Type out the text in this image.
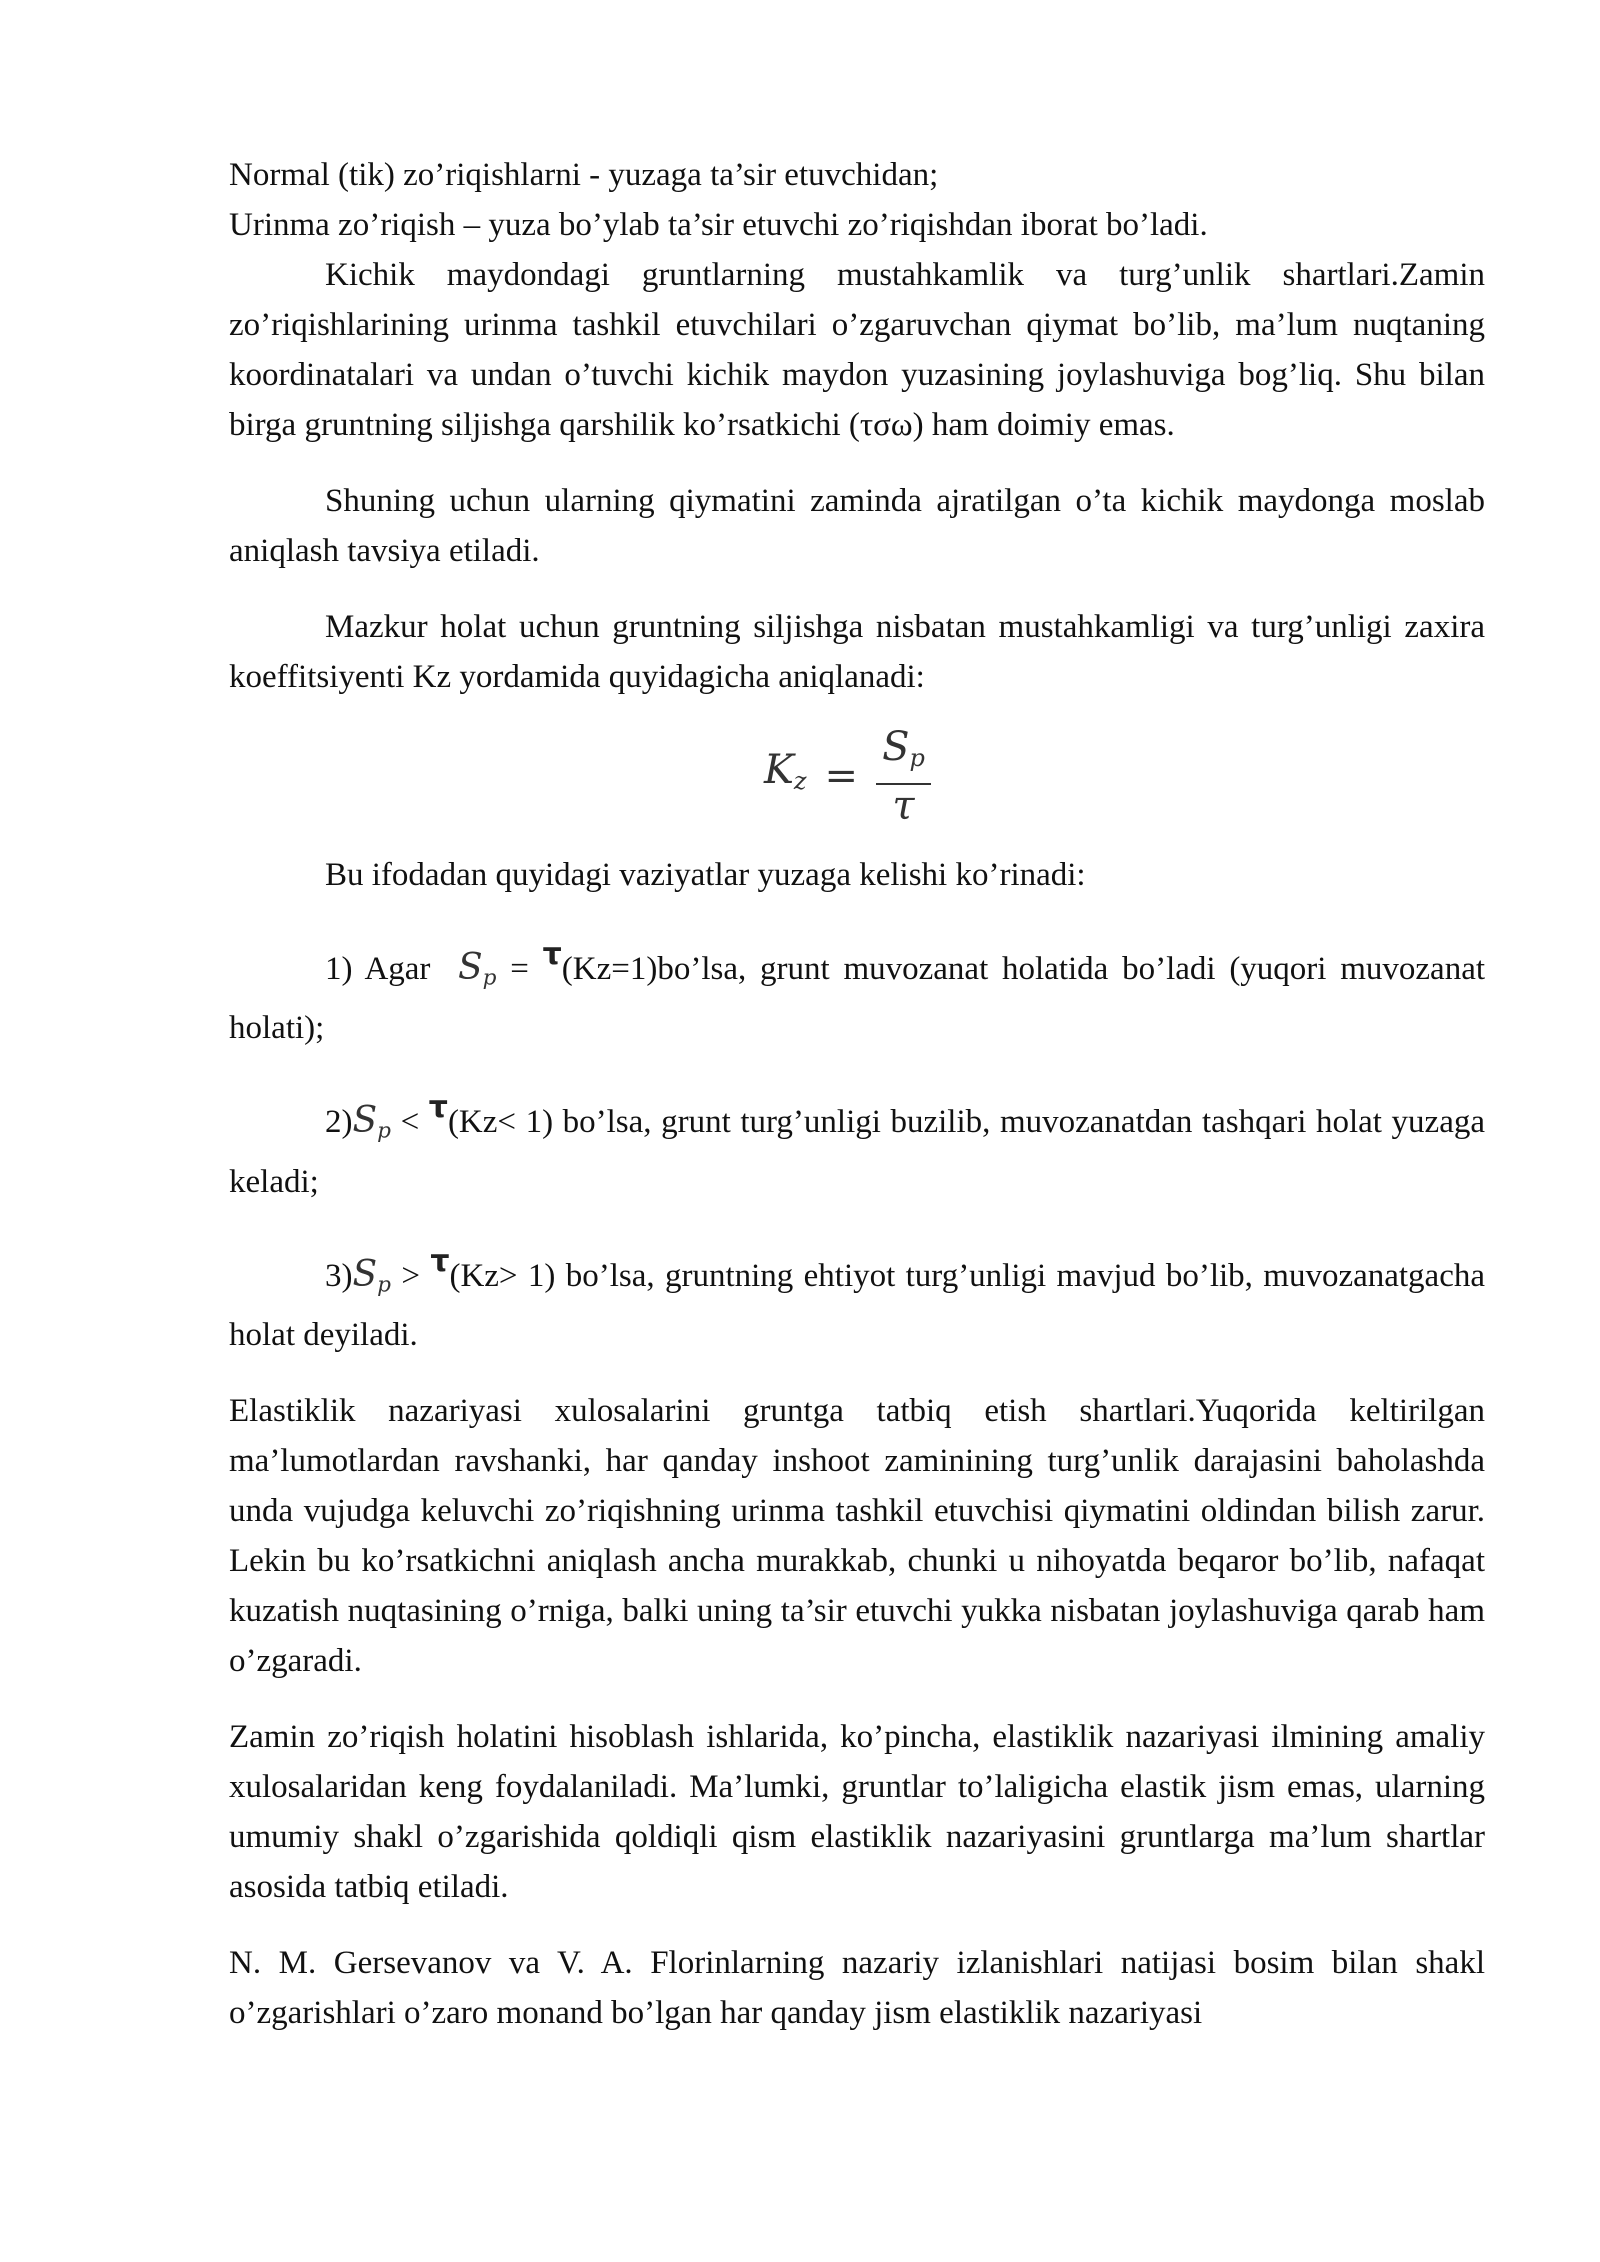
Normal (tik) zo’riqishlarni - yuzaga ta’sir etuvchidan;

Urinma zo’riqish – yuza bo’ylab ta’sir etuvchi zo’riqishdan iborat bo’ladi.

Kichik maydondagi gruntlarning mustahkamlik va turg’unlik shartlari.Zamin zo’riqishlarining urinma tashkil etuvchilari o’zgaruvchan qiymat bo’lib, ma’lum nuqtaning koordinatalari va undan o’tuvchi kichik maydon yuzasining joylashuviga bog’liq. Shu bilan birga gruntning siljishga qarshilik ko’rsatkichi (τσω) ham doimiy emas.

Shuning uchun ularning qiymatini zaminda ajratilgan o’ta kichik maydonga moslab aniqlash tavsiya etiladi.

Mazkur holat uchun gruntning siljishga nisbatan mustahkamligi va turg’unligi zaxira koeffitsiyenti Kz yordamida quyidagicha aniqlanadi:

$K_z = \frac{S_p}{\tau}$

Bu ifodadan quyidagi vaziyatlar yuzaga kelishi ko’rinadi:

1) Agar $S_p$ = τ(Kz=1)bo’lsa, grunt muvozanat holatida bo’ladi (yuqori muvozanat holati);

$2)S_p < \tau(Kz< 1)$ bo’lsa, grunt turg’unligi buzilib, muvozanatdan tashqari holat yuzaga keladi;

$3)S_p > \tau(Kz> 1)$ bo’lsa, gruntning ehtiyot turg’unligi mavjud bo’lib, muvozanatgacha holat deyiladi.

Elastiklik nazariyasi xulosalarini gruntga tatbiq etish shartlari.Yuqorida keltirilgan ma’lumotlardan ravshanki, har qanday inshoot zaminining turg’unlik darajasini baholashda unda vujudga keluvchi zo’riqishning urinma tashkil etuvchisi qiymatini oldindan bilish zarur. Lekin bu ko’rsatkichni aniqlash ancha murakkab, chunki u nihoyatda beqaror bo’lib, nafaqat kuzatish nuqtasining o’rniga, balki uning ta’sir etuvchi yukka nisbatan joylashuviga qarab ham o’zgaradi.

Zamin zo’riqish holatini hisoblash ishlarida, ko’pincha, elastiklik nazariyasi ilmining amaliy xulosalaridan keng foydalaniladi. Ma’lumki, gruntlar to’laligicha elastik jism emas, ularning umumiy shakl o’zgarishida qoldiqli qism elastiklik nazariyasini gruntlarga ma’lum shartlar asosida tatbiq etiladi.

N. M. Gersevanov va V. A. Florinlarning nazariy izlanishlari natijasi bosim bilan shakl o’zgarishlari o’zaro monand bo’lgan har qanday jism elastiklik nazariyasi
